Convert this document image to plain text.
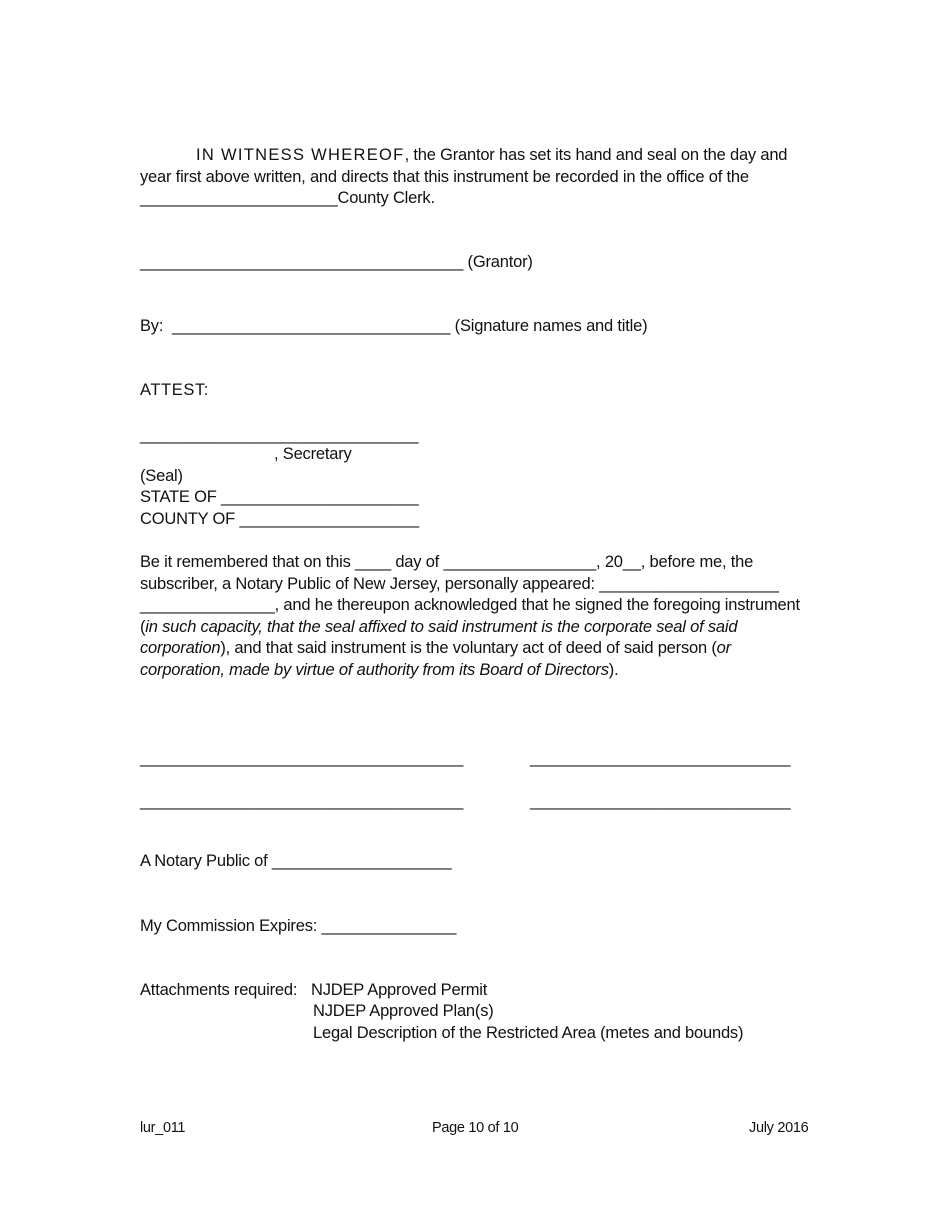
IN WITNESS WHEREOF, the Grantor has set its hand and seal on the day and year first above written, and directs that this instrument be recorded in the office of the ______________________County Clerk.
____________________________________ (Grantor)
By:  _______________________________ (Signature names and title)
ATTEST:
_______________________________
, Secretary
(Seal)
STATE OF ______________________
COUNTY OF ____________________
Be it remembered that on this ____ day of _________________, 20__, before me, the subscriber, a Notary Public of New Jersey, personally appeared: ____________________ _______________, and he thereupon acknowledged that he signed the foregoing instrument (in such capacity, that the seal affixed to said instrument is the corporate seal of said corporation), and that said instrument is the voluntary act of deed of said person (or corporation, made by virtue of authority from its Board of Directors).
____________________________________	_____________________________
____________________________________	_____________________________
A Notary Public of ____________________
My Commission Expires: _______________
Attachments required: NJDEP Approved Permit
NJDEP Approved Plan(s)
Legal Description of the Restricted Area (metes and bounds)
lur_011	Page 10 of 10	July 2016
